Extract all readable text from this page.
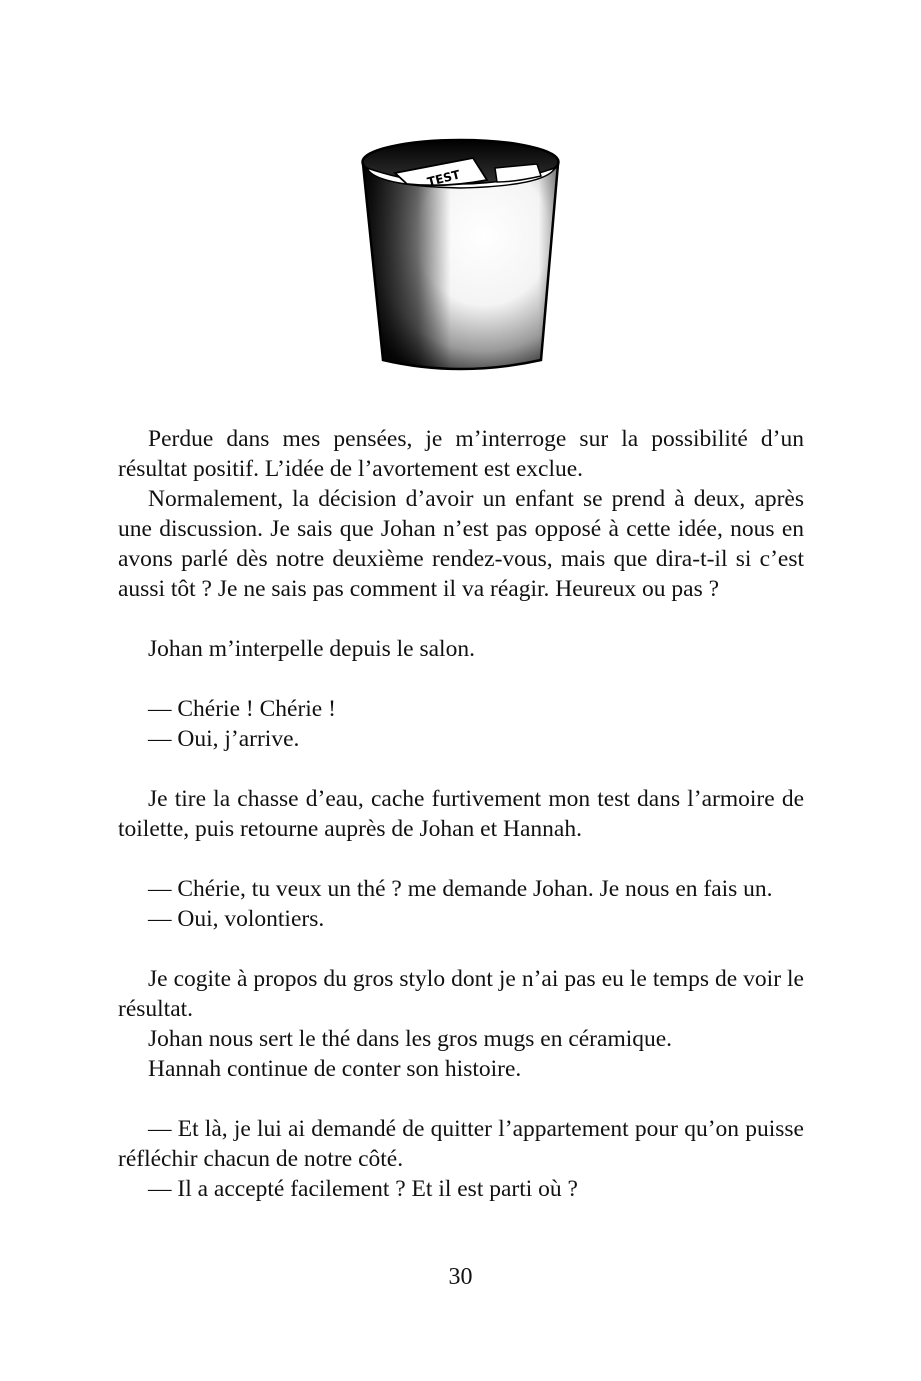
TEST

Perdue dans mes pensées, je m’interroge sur la possibilité d’un résultat positif. L’idée de l’avortement est exclue.

Normalement, la décision d’avoir un enfant se prend à deux, après une discussion. Je sais que Johan n’est pas opposé à cette idée, nous en avons parlé dès notre deuxième rendez-vous, mais que dira-t-il si c’est aussi tôt ? Je ne sais pas comment il va réagir. Heureux ou pas ?

Johan m’interpelle depuis le salon.

— Chérie ! Chérie !

— Oui, j’arrive.

Je tire la chasse d’eau, cache furtivement mon test dans l’armoire de toilette, puis retourne auprès de Johan et Hannah.

— Chérie, tu veux un thé ? me demande Johan. Je nous en fais un.

— Oui, volontiers.

Je cogite à propos du gros stylo dont je n’ai pas eu le temps de voir le résultat.

Johan nous sert le thé dans les gros mugs en céramique.

Hannah continue de conter son histoire.

— Et là, je lui ai demandé de quitter l’appartement pour qu’on puisse réfléchir chacun de notre côté.

— Il a accepté facilement ? Et il est parti où ?

30
